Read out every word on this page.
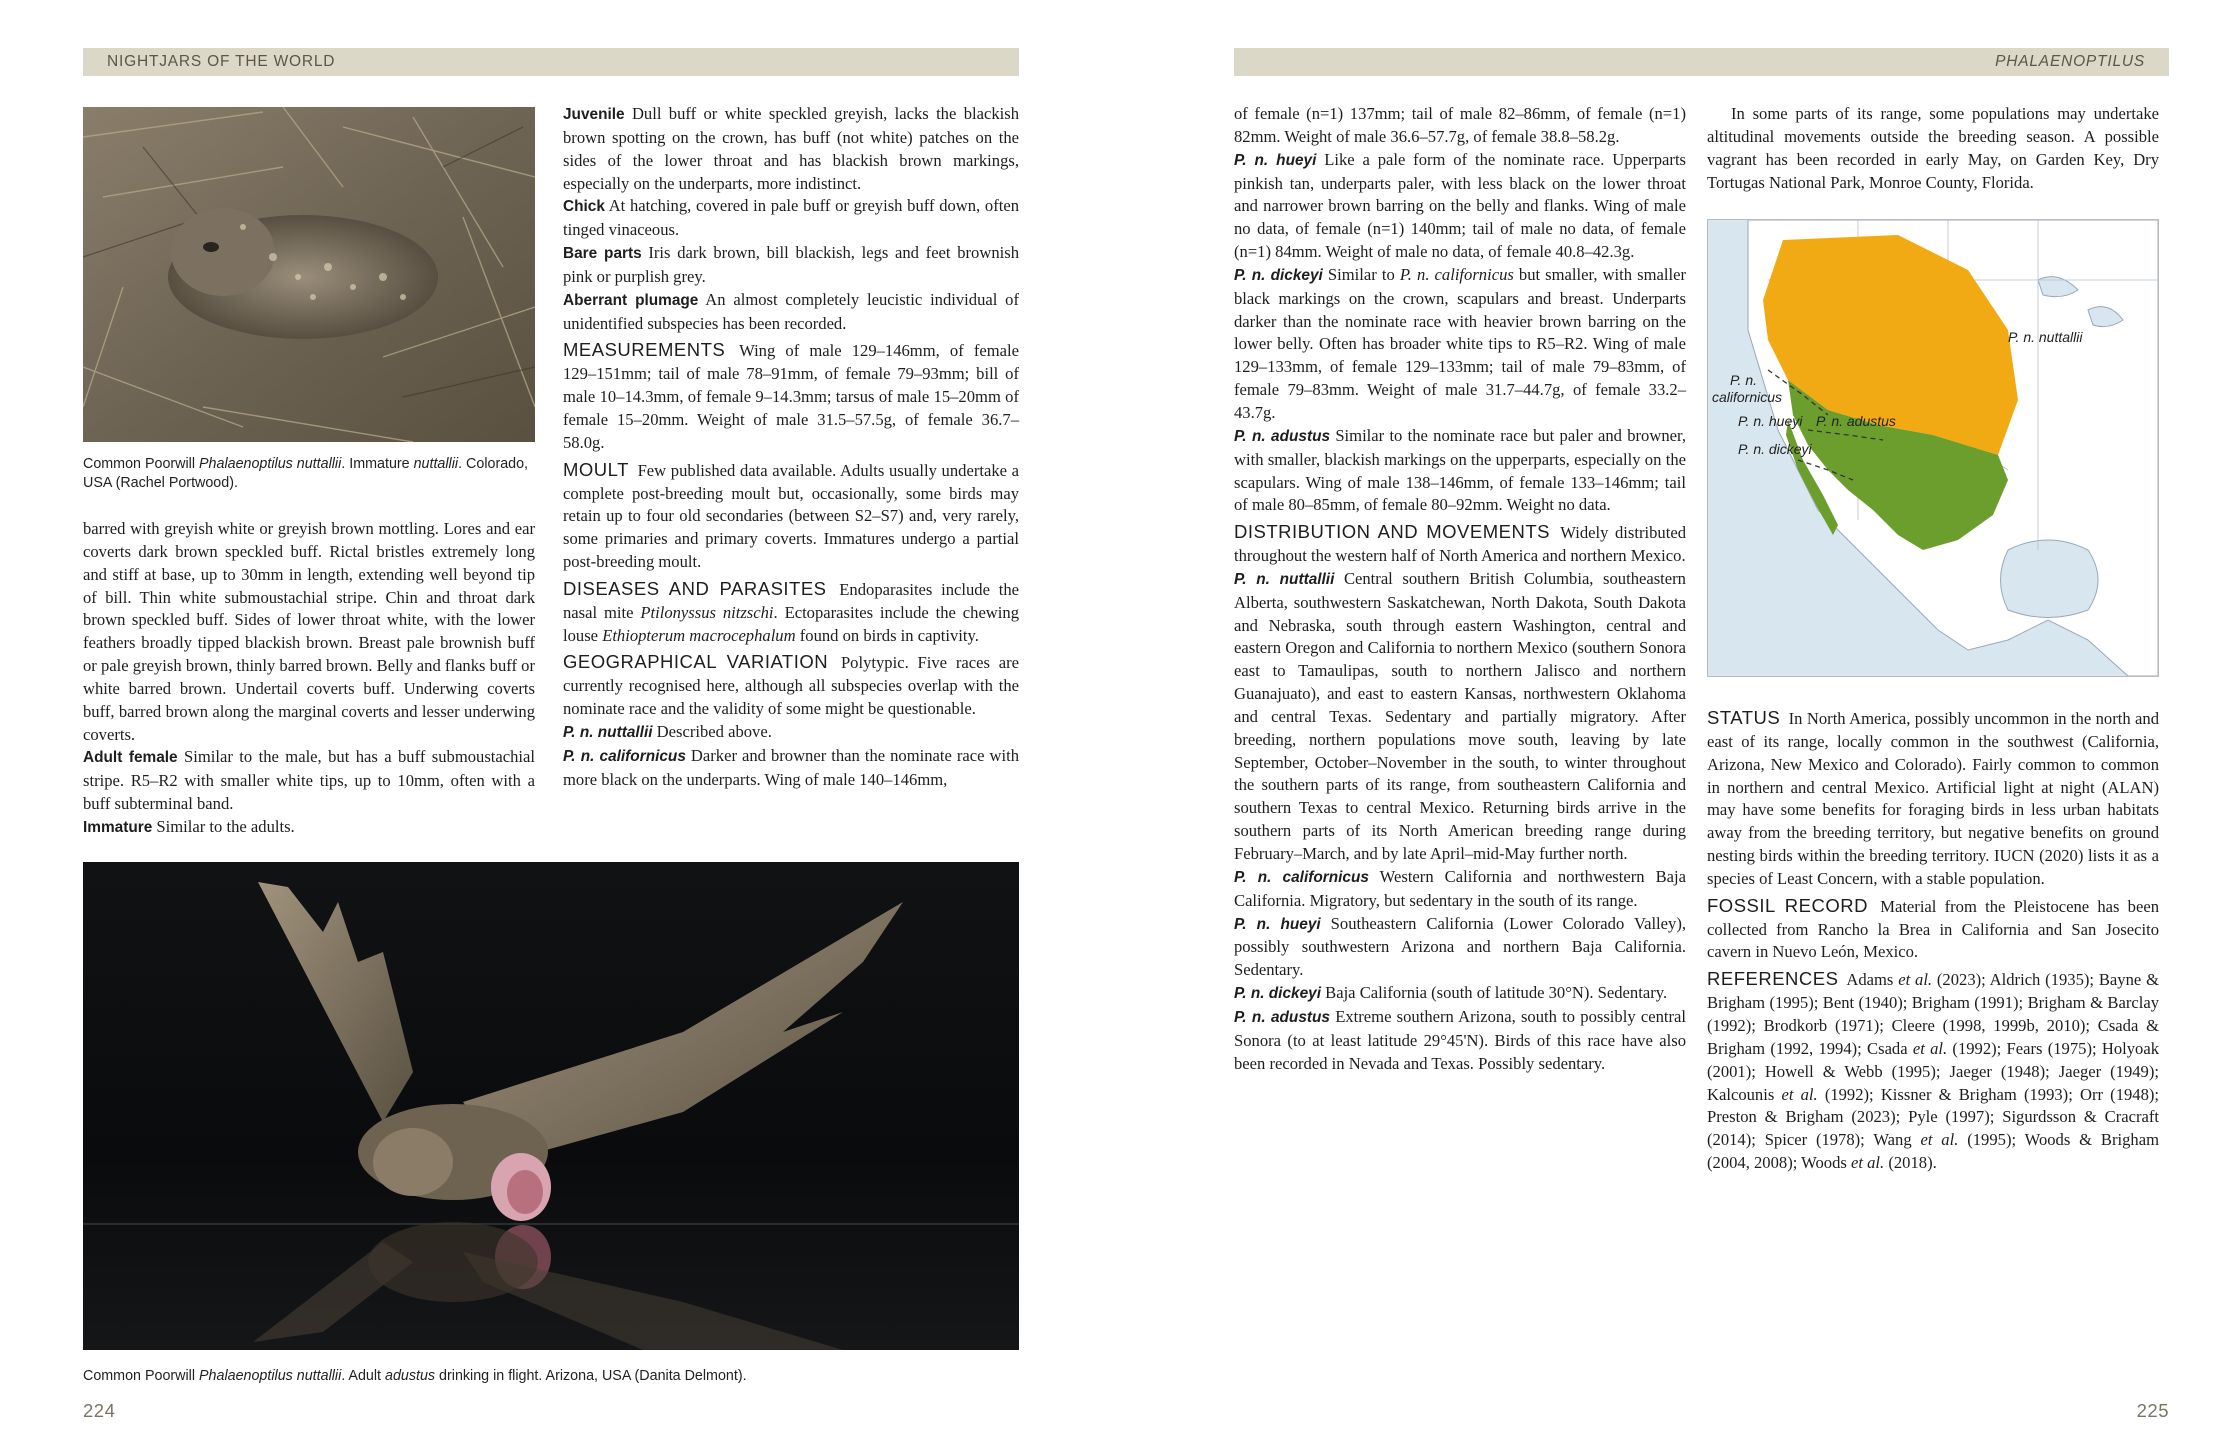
NIGHTJARS OF THE WORLD	PHALAENOPTILUS
Common Poorwill Phalaenoptilus nuttallii. Immature nuttallii. Colorado, USA (Rachel Portwood).

barred with greyish white or greyish brown mottling. Lores and ear coverts dark brown speckled buff. Rictal bristles extremely long and stiff at base, up to 30mm in length, extending well beyond tip of bill. Thin white submoustachial stripe. Chin and throat dark brown speckled buff. Sides of lower throat white, with the lower feathers broadly tipped blackish brown. Breast pale brownish buff or pale greyish brown, thinly barred brown. Belly and flanks buff or white barred brown. Undertail coverts buff. Underwing coverts buff, barred brown along the marginal coverts and lesser underwing coverts.

Adult female Similar to the male, but has a buff submoustachial stripe. R5–R2 with smaller white tips, up to 10mm, often with a buff subterminal band.

Immature Similar to the adults.

Juvenile Dull buff or white speckled greyish, lacks the blackish brown spotting on the crown, has buff (not white) patches on the sides of the lower throat and has blackish brown markings, especially on the underparts, more indistinct.

Chick At hatching, covered in pale buff or greyish buff down, often tinged vinaceous.

Bare parts Iris dark brown, bill blackish, legs and feet brownish pink or purplish grey.

Aberrant plumage An almost completely leucistic individual of unidentified subspecies has been recorded.

MEASUREMENTS Wing of male 129–146mm, of female 129–151mm; tail of male 78–91mm, of female 79–93mm; bill of male 10–14.3mm, of female 9–14.3mm; tarsus of male 15–20mm of female 15–20mm. Weight of male 31.5–57.5g, of female 36.7–58.0g.

MOULT Few published data available. Adults usually undertake a complete post-breeding moult but, occasionally, some birds may retain up to four old secondaries (between S2–S7) and, very rarely, some primaries and primary coverts. Immatures undergo a partial post-breeding moult.

DISEASES AND PARASITES Endoparasites include the nasal mite Ptilonyssus nitzschi. Ectoparasites include the chewing louse Ethiopterum macrocephalum found on birds in captivity.

GEOGRAPHICAL VARIATION Polytypic. Five races are currently recognised here, although all subspecies overlap with the nominate race and the validity of some might be questionable.

P. n. nuttallii Described above.

P. n. californicus Darker and browner than the nominate race with more black on the underparts. Wing of male 140–146mm,

Common Poorwill Phalaenoptilus nuttallii. Adult adustus drinking in flight. Arizona, USA (Danita Delmont).
224	225

of female (n=1) 137mm; tail of male 82–86mm, of female (n=1) 82mm. Weight of male 36.6–57.7g, of female 38.8–58.2g.

P. n. hueyi Like a pale form of the nominate race. Upperparts pinkish tan, underparts paler, with less black on the lower throat and narrower brown barring on the belly and flanks. Wing of male no data, of female (n=1) 140mm; tail of male no data, of female (n=1) 84mm. Weight of male no data, of female 40.8–42.3g.

P. n. dickeyi Similar to P. n. californicus but smaller, with smaller black markings on the crown, scapulars and breast. Underparts darker than the nominate race with heavier brown barring on the lower belly. Often has broader white tips to R5–R2. Wing of male 129–133mm, of female 129–133mm; tail of male 79–83mm, of female 79–83mm. Weight of male 31.7–44.7g, of female 33.2–43.7g.

P. n. adustus Similar to the nominate race but paler and browner, with smaller, blackish markings on the upperparts, especially on the scapulars. Wing of male 138–146mm, of female 133–146mm; tail of male 80–85mm, of female 80–92mm. Weight no data.

DISTRIBUTION AND MOVEMENTS Widely distributed throughout the western half of North America and northern Mexico.

P. n. nuttallii Central southern British Columbia, southeastern Alberta, southwestern Saskatchewan, North Dakota, South Dakota and Nebraska, south through eastern Washington, central and eastern Oregon and California to northern Mexico (southern Sonora east to Tamaulipas, south to northern Jalisco and northern Guanajuato), and east to eastern Kansas, northwestern Oklahoma and central Texas. Sedentary and partially migratory. After breeding, northern populations move south, leaving by late September, October–November in the south, to winter throughout the southern parts of its range, from southeastern California and southern Texas to central Mexico. Returning birds arrive in the southern parts of its North American breeding range during February–March, and by late April–mid-May further north.

P. n. californicus Western California and northwestern Baja California. Migratory, but sedentary in the south of its range.

P. n. hueyi Southeastern California (Lower Colorado Valley), possibly southwestern Arizona and northern Baja California. Sedentary.

P. n. dickeyi Baja California (south of latitude 30°N). Sedentary.

P. n. adustus Extreme southern Arizona, south to possibly central Sonora (to at least latitude 29°45'N). Birds of this race have also been recorded in Nevada and Texas. Possibly sedentary.

In some parts of its range, some populations may undertake altitudinal movements outside the breeding season. A possible vagrant has been recorded in early May, on Garden Key, Dry Tortugas National Park, Monroe County, Florida.

P. n. nuttallii
P. n.
californicus
P. n. hueyi P. n. adustus
P. n. dickeyi

STATUS In North America, possibly uncommon in the north and east of its range, locally common in the southwest (California, Arizona, New Mexico and Colorado). Fairly common to common in northern and central Mexico. Artificial light at night (ALAN) may have some benefits for foraging birds in less urban habitats away from the breeding territory, but negative benefits on ground nesting birds within the breeding territory. IUCN (2020) lists it as a species of Least Concern, with a stable population.

FOSSIL RECORD Material from the Pleistocene has been collected from Rancho la Brea in California and San Josecito cavern in Nuevo León, Mexico.

REFERENCES Adams et al. (2023); Aldrich (1935); Bayne & Brigham (1995); Bent (1940); Brigham (1991); Brigham & Barclay (1992); Brodkorb (1971); Cleere (1998, 1999b, 2010); Csada & Brigham (1992, 1994); Csada et al. (1992); Fears (1975); Holyoak (2001); Howell & Webb (1995); Jaeger (1948); Jaeger (1949); Kalcounis et al. (1992); Kissner & Brigham (1993); Orr (1948); Preston & Brigham (2023); Pyle (1997); Sigurdsson & Cracraft (2014); Spicer (1978); Wang et al. (1995); Woods & Brigham (2004, 2008); Woods et al. (2018).
